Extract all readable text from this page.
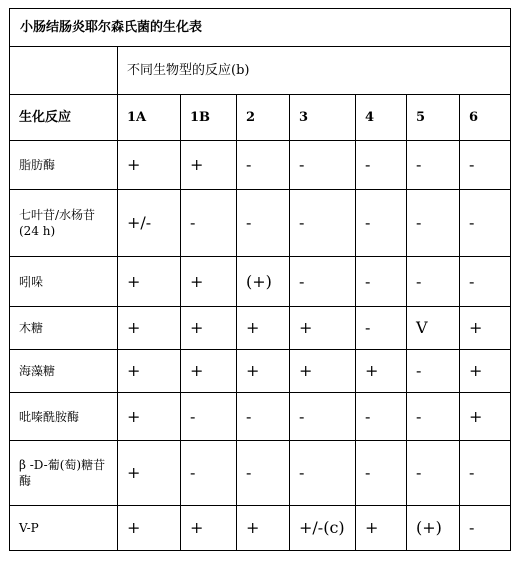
小肠结肠炎耶尔森氏菌的生化表							
	不同生物型的反应(b)						
生化反应	1A	1B	2	3	4	5	6
脂肪酶	+	+	-	-	-	-	-

七叶苷/水杨苷 (24 h)	+/-	-	-	-	-	-	-
吲哚	+	+	(+)	-	-	-	-
木糖	+	+	+	+	-	V	+
海藻糖	+	+	+	+	+	-	+
吡嗪酰胺酶	+	-	-	-	-	-	+

β -D-葡(萄)糖苷酶	+	-	-	-	-	-	-
V-P	+	+	+	+/-(c)	+	(+)	-
